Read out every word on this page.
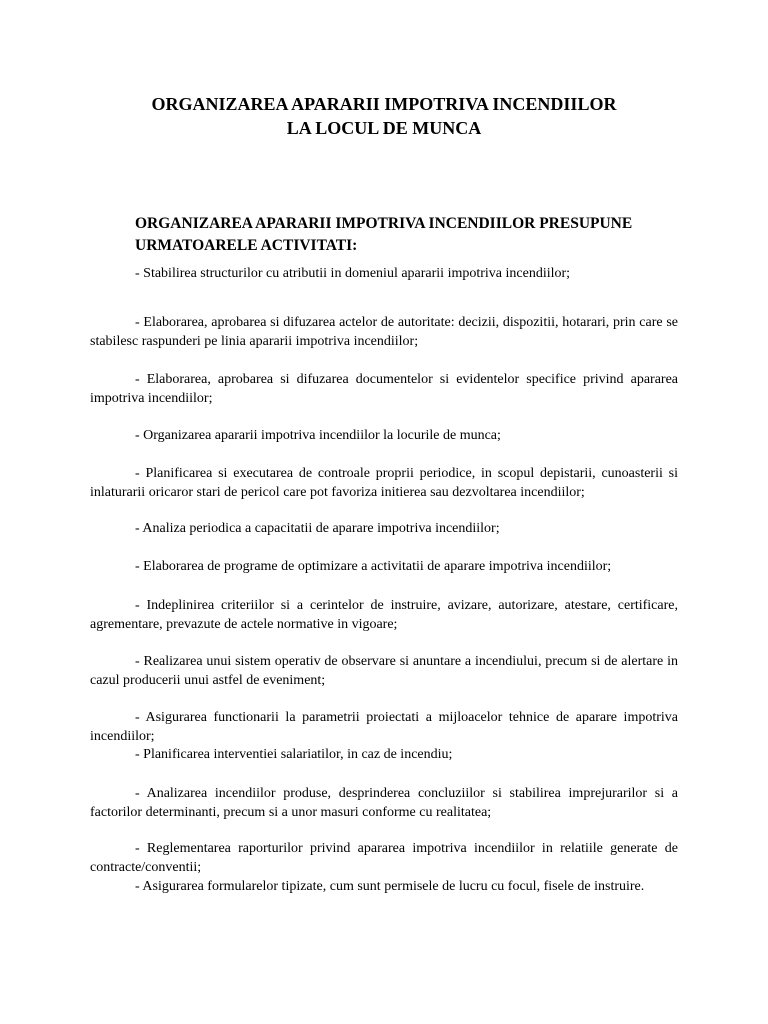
ORGANIZAREA APARARII IMPOTRIVA INCENDIILOR
LA LOCUL DE MUNCA
ORGANIZAREA APARARII IMPOTRIVA INCENDIILOR PRESUPUNE
URMATOARELE ACTIVITATI:

- Stabilirea structurilor cu atributii in domeniul apararii impotriva incendiilor;

- Elaborarea, aprobarea si difuzarea actelor de autoritate: decizii, dispozitii, hotarari, prin care se stabilesc raspunderi pe linia apararii impotriva incendiilor;

- Elaborarea, aprobarea si difuzarea documentelor si evidentelor specifice privind apararea impotriva incendiilor;

- Organizarea apararii impotriva incendiilor la locurile de munca;

- Planificarea si executarea de controale proprii periodice, in scopul depistarii, cunoasterii si inlaturarii oricaror stari de pericol care pot favoriza initierea sau dezvoltarea incendiilor;

- Analiza periodica a capacitatii de aparare impotriva incendiilor;

- Elaborarea de programe de optimizare a activitatii de aparare impotriva incendiilor;

- Indeplinirea criteriilor si a cerintelor de instruire, avizare, autorizare, atestare, certificare, agrementare, prevazute de actele normative in vigoare;

- Realizarea unui sistem operativ de observare si anuntare a incendiului, precum si de alertare in cazul producerii unui astfel de eveniment;

- Asigurarea functionarii la parametrii proiectati a mijloacelor tehnice de aparare impotriva incendiilor;

- Planificarea interventiei salariatilor, in caz de incendiu;

- Analizarea incendiilor produse, desprinderea concluziilor si stabilirea imprejurarilor si a factorilor determinanti, precum si a unor masuri conforme cu realitatea;

- Reglementarea raporturilor privind apararea impotriva incendiilor in relatiile generate de contracte/conventii;

- Asigurarea formularelor tipizate, cum sunt permisele de lucru cu focul, fisele de instruire.
